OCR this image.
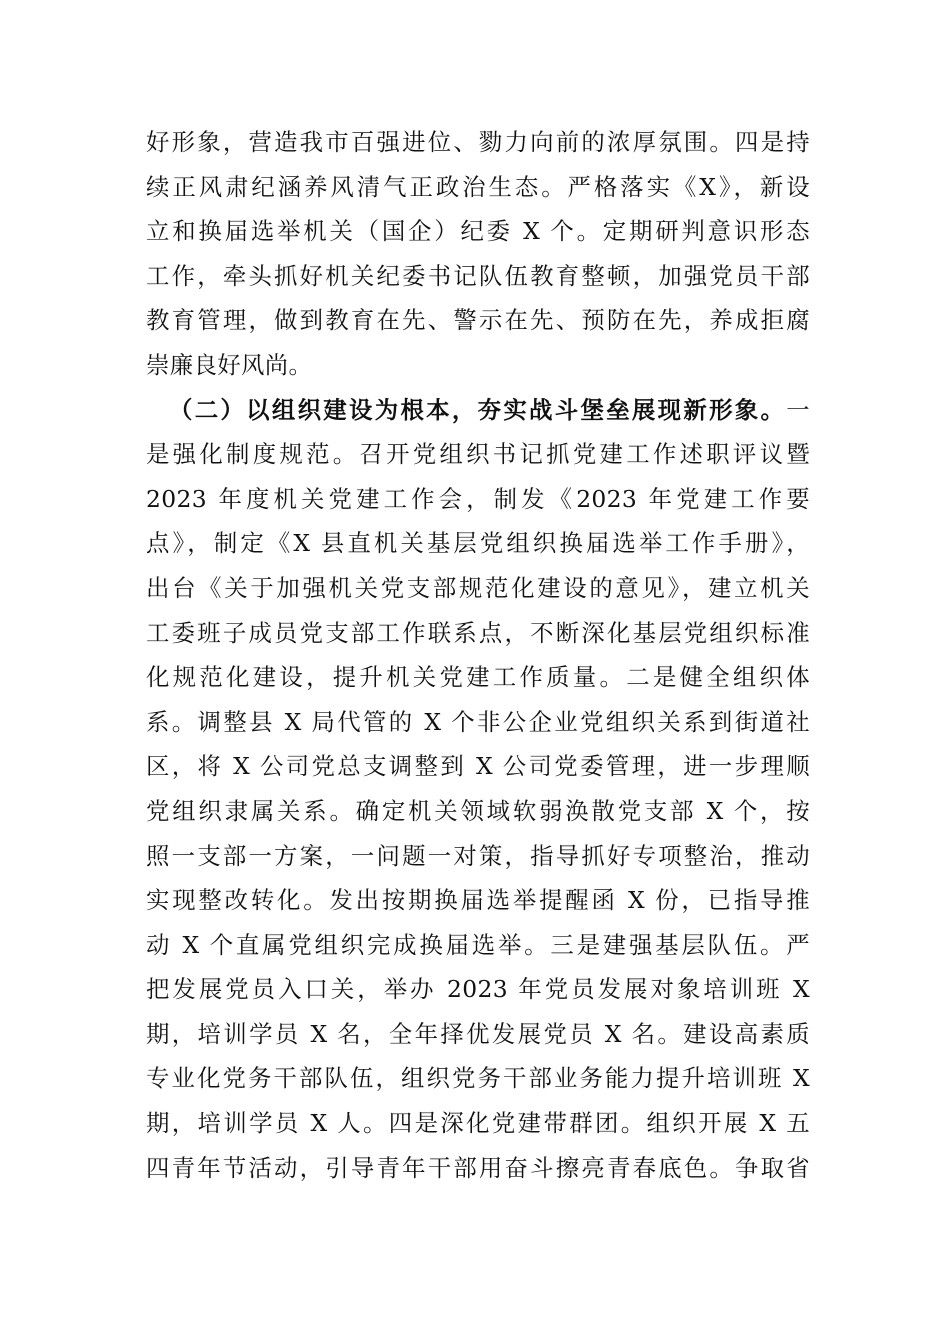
好形象，营造我市百强进位、勠力向前的浓厚氛围。四是持
续正风肃纪涵养风清气正政治生态。严格落实《X》，新设
立和换届选举机关（国企）纪委 X 个。定期研判意识形态
工作，牵头抓好机关纪委书记队伍教育整顿，加强党员干部
教育管理，做到教育在先、警示在先、预防在先，养成拒腐
崇廉良好风尚。
（二）以组织建设为根本，夯实战斗堡垒展现新形象。一
是强化制度规范。召开党组织书记抓党建工作述职评议暨
2023 年度机关党建工作会，制发《2023 年党建工作要
点》，制定《X 县直机关基层党组织换届选举工作手册》，
出台《关于加强机关党支部规范化建设的意见》，建立机关
工委班子成员党支部工作联系点，不断深化基层党组织标准
化规范化建设，提升机关党建工作质量。二是健全组织体
系。调整县 X 局代管的 X 个非公企业党组织关系到街道社
区，将 X 公司党总支调整到 X 公司党委管理，进一步理顺
党组织隶属关系。确定机关领域软弱涣散党支部 X 个，按
照一支部一方案，一问题一对策，指导抓好专项整治，推动
实现整改转化。发出按期换届选举提醒函 X 份，已指导推
动 X 个直属党组织完成换届选举。三是建强基层队伍。严
把发展党员入口关，举办 2023 年党员发展对象培训班 X
期，培训学员 X 名，全年择优发展党员 X 名。建设高素质
专业化党务干部队伍，组织党务干部业务能力提升培训班 X
期，培训学员 X 人。四是深化党建带群团。组织开展 X 五
四青年节活动，引导青年干部用奋斗擦亮青春底色。争取省
